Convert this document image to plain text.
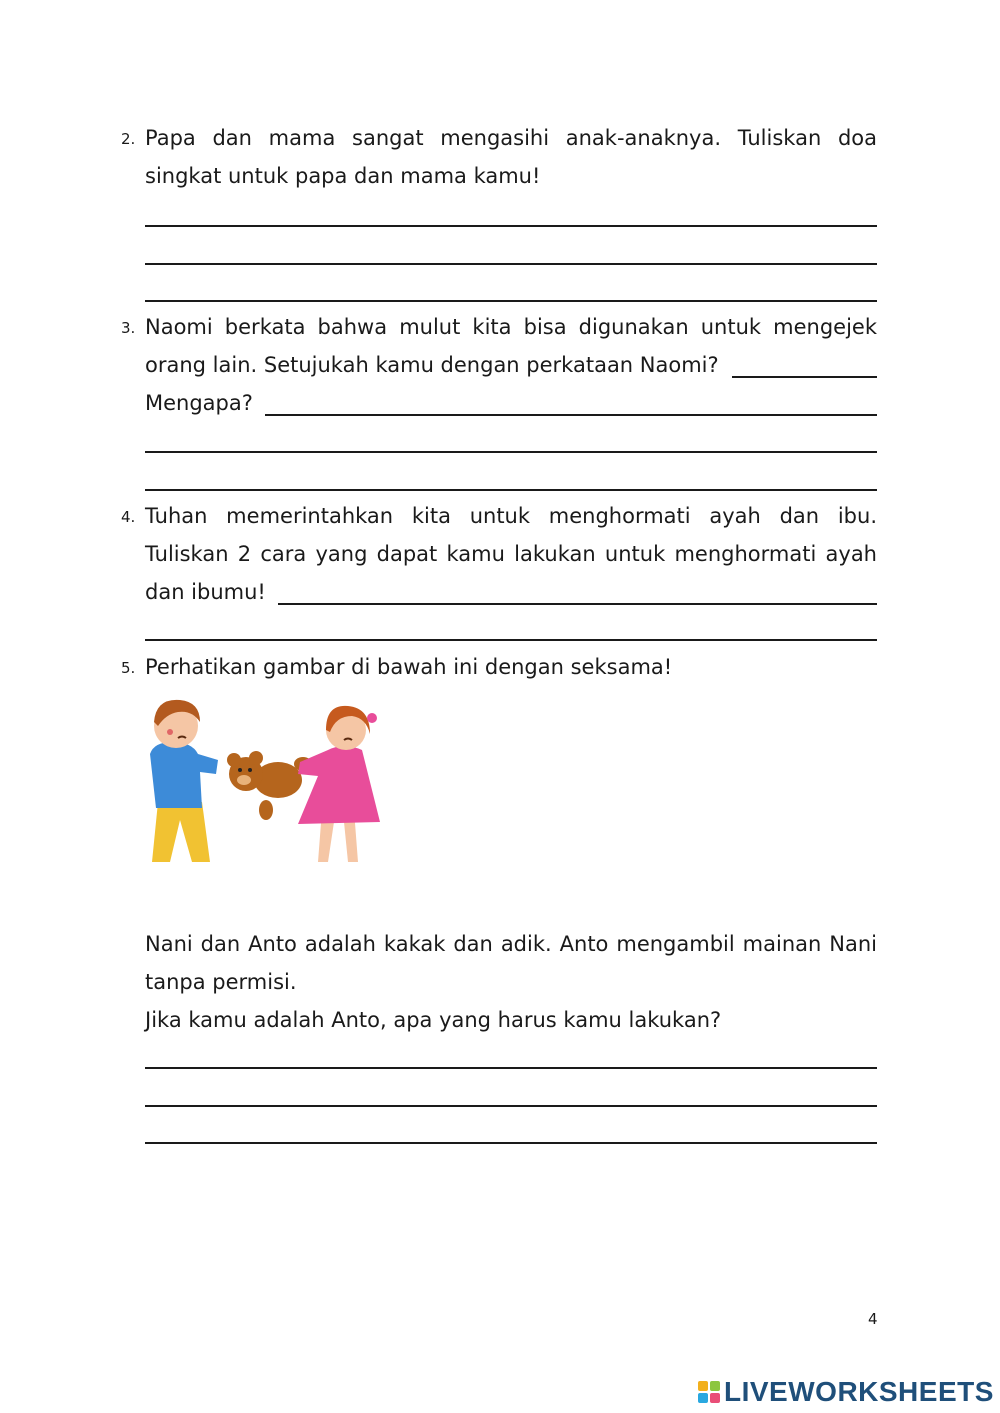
2. Papa dan mama sangat mengasihi anak-anaknya. Tuliskan doa
singkat untuk papa dan mama kamu!
3. Naomi berkata bahwa mulut kita bisa digunakan untuk mengejek
orang lain. Setujukah kamu dengan perkataan Naomi?
Mengapa?
4. Tuhan memerintahkan kita untuk menghormati ayah dan ibu.
Tuliskan 2 cara yang dapat kamu lakukan untuk menghormati ayah
dan ibumu!
5. Perhatikan gambar di bawah ini dengan seksama!
Nani dan Anto adalah kakak dan adik. Anto mengambil mainan Nani
tanpa permisi.
Jika kamu adalah Anto, apa yang harus kamu lakukan?
4
LIVEWORKSHEETS
